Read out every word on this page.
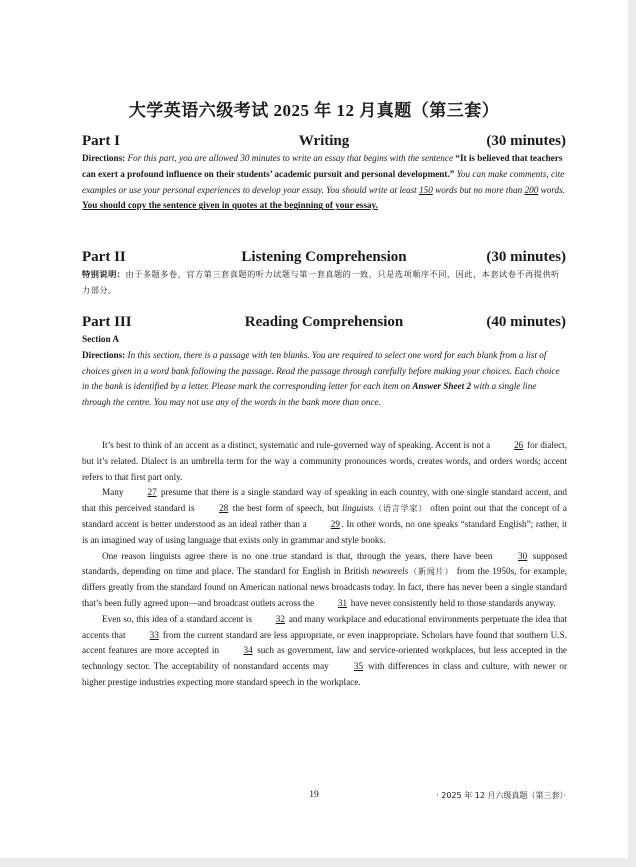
大学英语六级考试 2025 年 12 月真题（第三套）
Part I	Writing	(30 minutes)
Directions: For this part, you are allowed 30 minutes to write an essay that begins with the sentence “It is believed that teachers can exert a profound influence on their students’ academic pursuit and personal development.” You can make comments, cite examples or use your personal experiences to develop your essay. You should write at least 150 words but no more than 200 words.
You should copy the sentence given in quotes at the beginning of your essay.
Part II	Listening Comprehension	(30 minutes)
特别说明：由于多题多卷，官方第三套真题的听力试题与第一套真题的一致，只是选项顺序不同，因此，本套试卷不再提供听力部分。
Part III	Reading Comprehension	(40 minutes)
Section A
Directions: In this section, there is a passage with ten blanks. You are required to select one word for each blank from a list of choices given in a word bank following the passage. Read the passage through carefully before making your choices. Each choice in the bank is identified by a letter. Please mark the corresponding letter for each item on Answer Sheet 2 with a single line through the centre. You may not use any of the words in the bank more than once.

It’s best to think of an accent as a distinct, systematic and rule-governed way of speaking. Accent is not a 26 for dialect, but it’s related. Dialect is an umbrella term for the way a community pronounces words, creates words, and orders words; accent refers to that first part only.

Many 27 presume that there is a single standard way of speaking in each country, with one single standard accent, and that this perceived standard is 28 the best form of speech, but linguists（语言学家） often point out that the concept of a standard accent is better understood as an ideal rather than a 29. In other words, no one speaks “standard English”; rather, it is an imagined way of using language that exists only in grammar and style books.

One reason linguists agree there is no one true standard is that, through the years, there have been 30 supposed standards, depending on time and place. The standard for English in British newsreels（新闻片） from the 1950s, for example, differs greatly from the standard found on American national news broadcasts today. In fact, there has never been a single standard that’s been fully agreed upon—and broadcast outlets across the 31 have never consistently held to those standards anyway.

Even so, this idea of a standard accent is 32 and many workplace and educational environments perpetuate the idea that accents that 33 from the current standard are less appropriate, or even inappropriate. Scholars have found that southern U.S. accent features are more accepted in 34 such as government, law and service-oriented workplaces, but less accepted in the technology sector. The acceptability of nonstandard accents may 35 with differences in class and culture, with newer or higher prestige industries expecting more standard speech in the workplace.

19	· 2025 年 12 月六级真题（第三套）·
